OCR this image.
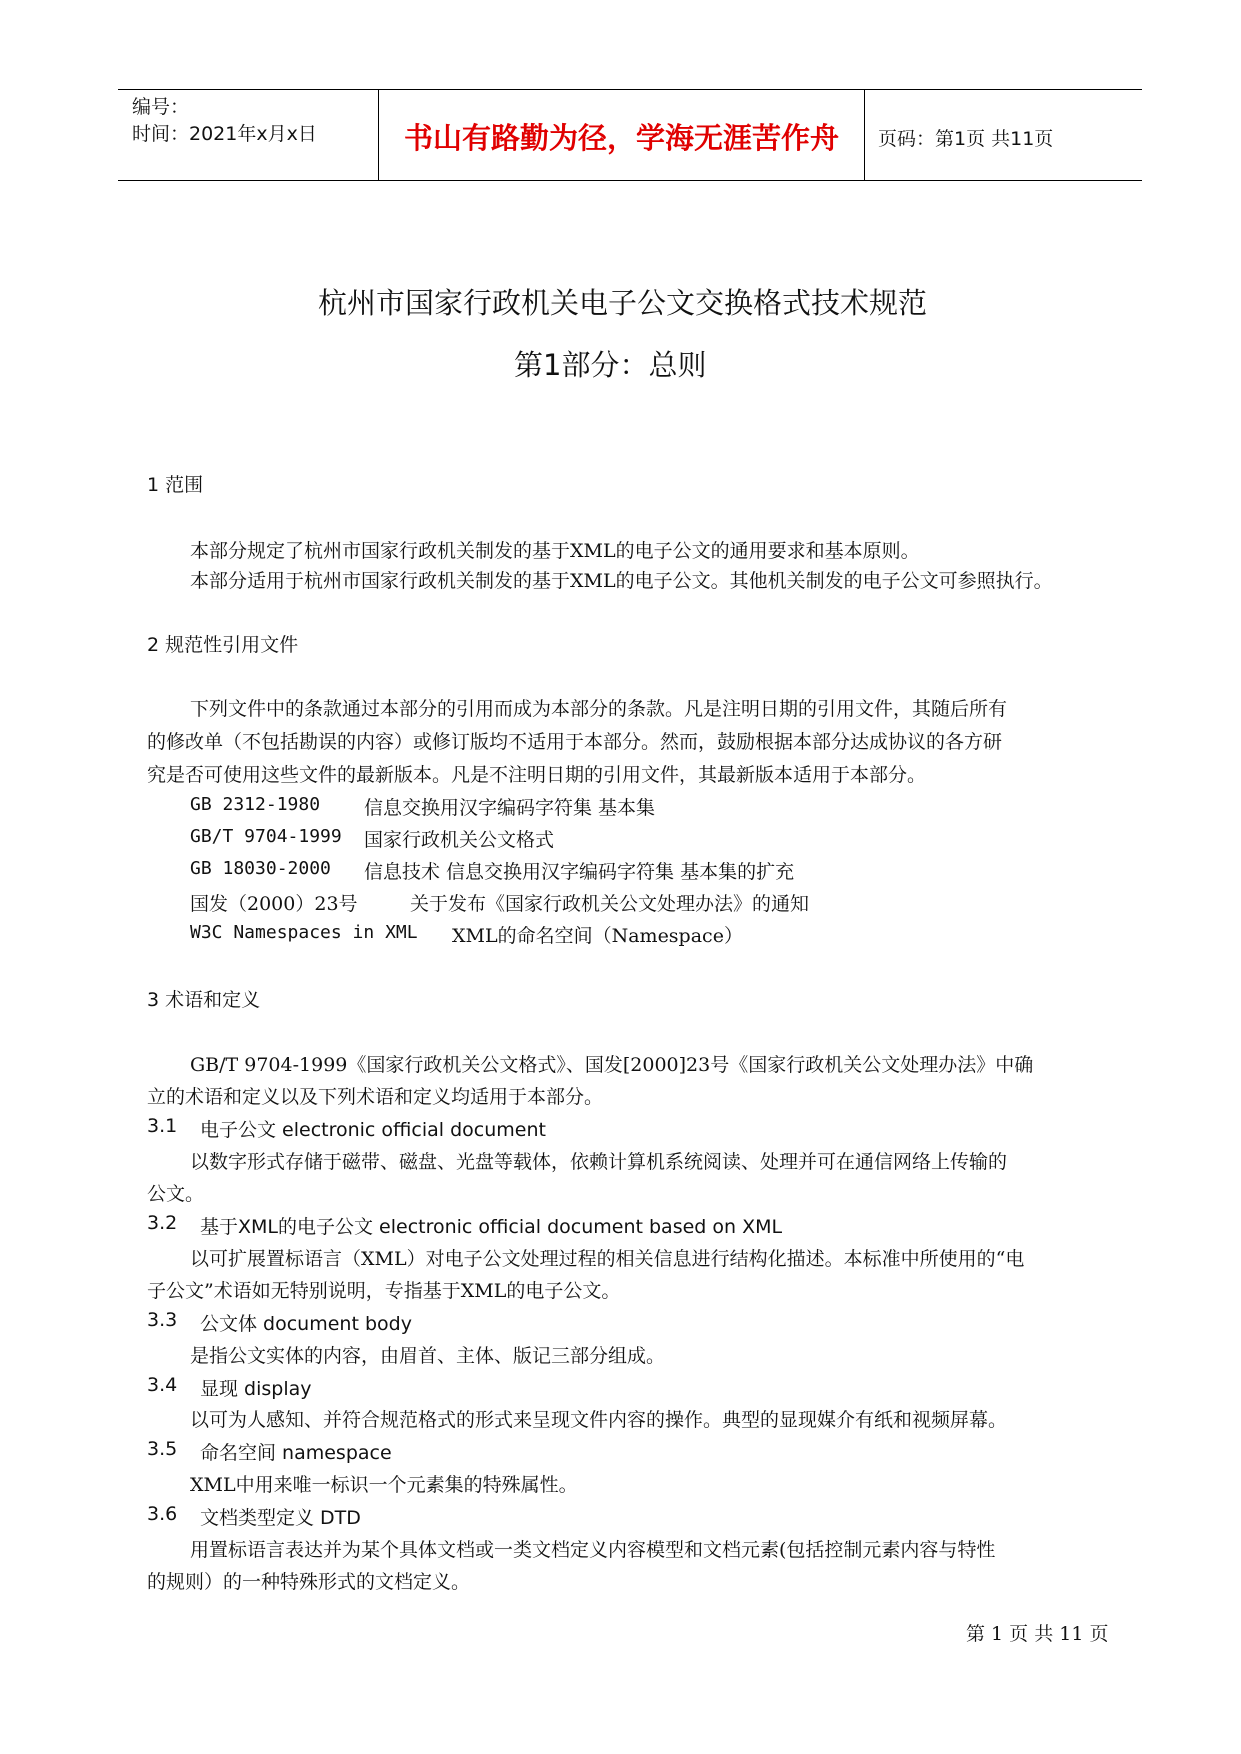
编号：
时间：2021年x月x日	书山有路勤为径，学海无涯苦作舟 页码：第1页 共11页
杭州市国家行政机关电子公文交换格式技术规范
第1部分：总则
1 范围
本部分规定了杭州市国家行政机关制发的基于XML的电子公文的通用要求和基本原则。
本部分适用于杭州市国家行政机关制发的基于XML的电子公文。其他机关制发的电子公文可参照执行。
2 规范性引用文件
下列文件中的条款通过本部分的引用而成为本部分的条款。凡是注明日期的引用文件，其随后所有
的修改单（不包括勘误的内容）或修订版均不适用于本部分。然而，鼓励根据本部分达成协议的各方研
究是否可使用这些文件的最新版本。凡是不注明日期的引用文件，其最新版本适用于本部分。
GB 2312-1980 信息交换用汉字编码字符集 基本集
GB/T 9704-1999 国家行政机关公文格式
GB 18030-2000 信息技术 信息交换用汉字编码字符集 基本集的扩充
国发（2000）23号	关于发布《国家行政机关公文处理办法》的通知
W3C Namespaces in XML XML的命名空间（Namespace）
3 术语和定义
GB/T 9704-1999《国家行政机关公文格式》、国发[2000]23号《国家行政机关公文处理办法》中确
立的术语和定义以及下列术语和定义均适用于本部分。
3.1 电子公文 electronic official document
以数字形式存储于磁带、磁盘、光盘等载体，依赖计算机系统阅读、处理并可在通信网络上传输的
公文。
3.2 基于XML的电子公文 electronic official document based on XML
以可扩展置标语言（XML）对电子公文处理过程的相关信息进行结构化描述。本标准中所使用的“电
子公文”术语如无特别说明，专指基于XML的电子公文。
3.3 公文体 document body
是指公文实体的内容，由眉首、主体、版记三部分组成。
3.4 显现 display
以可为人感知、并符合规范格式的形式来呈现文件内容的操作。典型的显现媒介有纸和视频屏幕。
3.5 命名空间 namespace
XML中用来唯一标识一个元素集的特殊属性。
3.6 文档类型定义 DTD
用置标语言表达并为某个具体文档或一类文档定义内容模型和文档元素(包括控制元素内容与特性
的规则）的一种特殊形式的文档定义。
第 1 页 共 11 页
